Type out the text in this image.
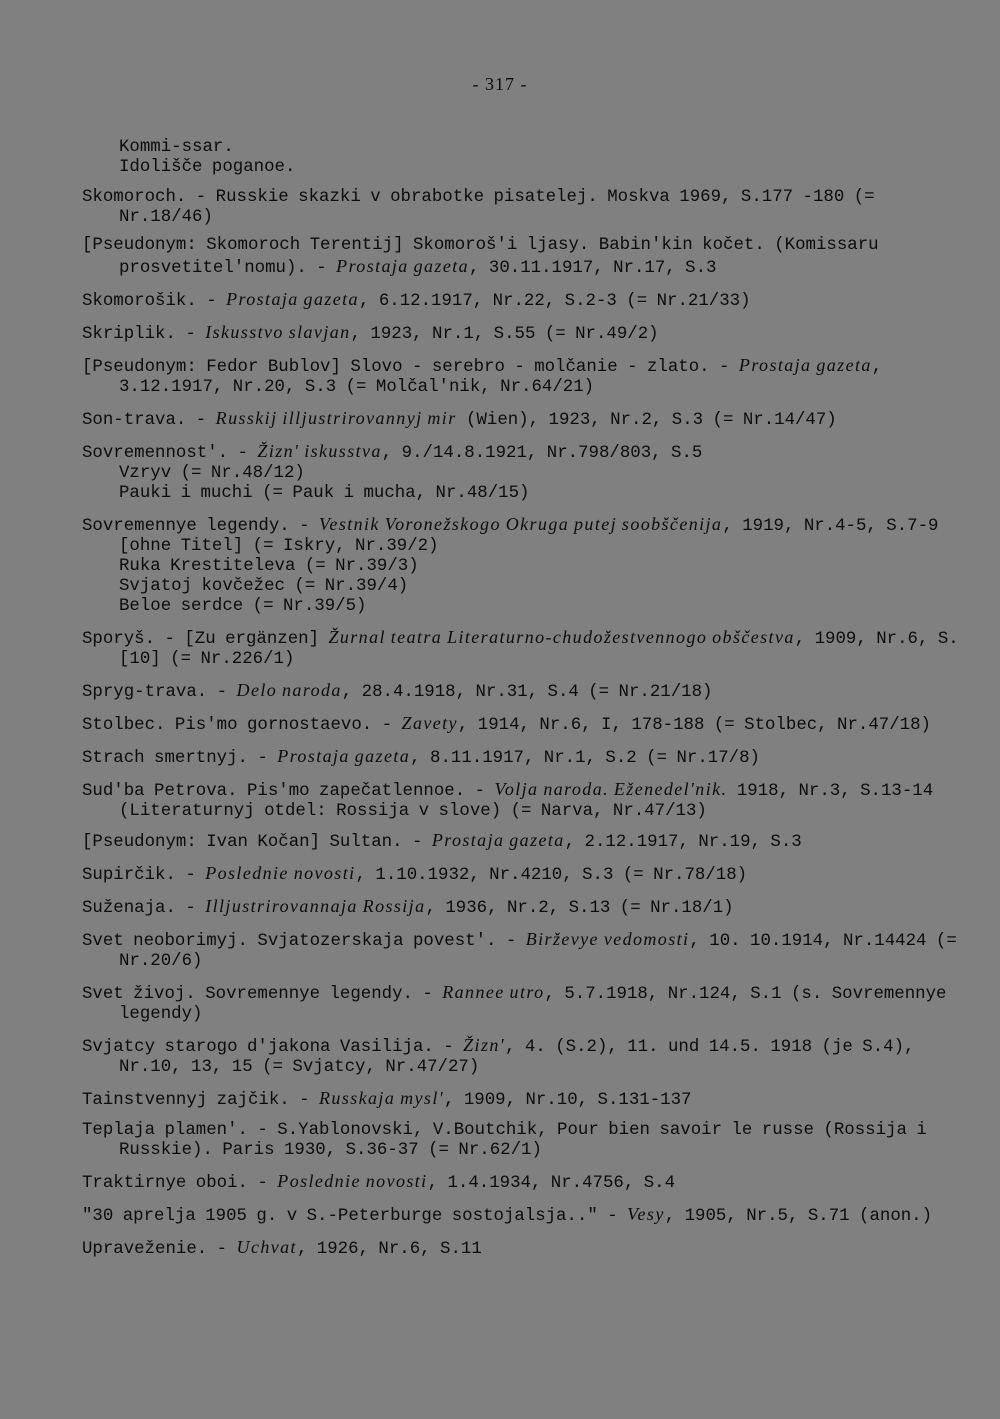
- 317 -
Kommi-ssar.
Idolišče poganoe.
Skomoroch. - Russkie skazki v obrabotke pisatelej. Moskva 1969, S.177 -180 (= Nr.18/46)
[Pseudonym: Skomoroch Terentij] Skomoroš'i ljasy. Babin'kin kočet. (Komissaru prosvetitel'nomu). - Prostaja gazeta, 30.11.1917, Nr.17, S.3
Skomorošik. - Prostaja gazeta, 6.12.1917, Nr.22, S.2-3 (= Nr.21/33)
Skriplik. - Iskusstvo slavjan, 1923, Nr.1, S.55 (= Nr.49/2)
[Pseudonym: Fedor Bublov] Slovo - serebro - molčanie - zlato. - Prostaja gazeta, 3.12.1917, Nr.20, S.3 (= Molčal'nik, Nr.64/21)
Son-trava. - Russkij illjustrirovannyj mir (Wien), 1923, Nr.2, S.3 (= Nr.14/47)
Sovremennost'. - Žizn' iskusstva, 9./14.8.1921, Nr.798/803, S.5
Vzryv (= Nr.48/12)
Pauki i muchi (= Pauk i mucha, Nr.48/15)
Sovremennye legendy. - Vestnik Voronežskogo Okruga putej soobščenija, 1919, Nr.4-5, S.7-9
[ohne Titel] (= Iskry, Nr.39/2)
Ruka Krestiteleva (= Nr.39/3)
Svjatoj kovčežec (= Nr.39/4)
Beloe serdce (= Nr.39/5)
Sporyš. - [Zu ergänzen] Žurnal teatra Literaturno-chudožestvennogo obščestva, 1909, Nr.6, S.[10] (= Nr.226/1)
Spryg-trava. - Delo naroda, 28.4.1918, Nr.31, S.4 (= Nr.21/18)
Stolbec. Pis'mo gornostaevo. - Zavety, 1914, Nr.6, I, 178-188 (= Stolbec, Nr.47/18)
Strach smertnyj. - Prostaja gazeta, 8.11.1917, Nr.1, S.2 (= Nr.17/8)
Sud'ba Petrova. Pis'mo zapečatlennoe. - Volja naroda. Eženedel'nik. 1918, Nr.3, S.13-14 (Literaturnyj otdel: Rossija v slove) (= Narva, Nr.47/13)
[Pseudonym: Ivan Kočan] Sultan. - Prostaja gazeta, 2.12.1917, Nr.19, S.3
Supirčik. - Poslednie novosti, 1.10.1932, Nr.4210, S.3 (= Nr.78/18)
Suženaja. - Illjustrirovannaja Rossija, 1936, Nr.2, S.13 (= Nr.18/1)
Svet neoborimyj. Svjatozerskaja povest'. - Birževye vedomosti, 10. 10.1914, Nr.14424 (= Nr.20/6)
Svet živoj. Sovremennye legendy. - Rannee utro, 5.7.1918, Nr.124, S.1 (s. Sovremennye legendy)
Svjatcy starogo d'jakona Vasilija. - Žizn', 4. (S.2), 11. und 14.5. 1918 (je S.4), Nr.10, 13, 15 (= Svjatcy, Nr.47/27)
Tainstvennyj zajčik. - Russkaja mysl', 1909, Nr.10, S.131-137
Teplaja plamen'. - S.Yablonovski, V.Boutchik, Pour bien savoir le russe (Rossija i Russkie). Paris 1930, S.36-37 (= Nr.62/1)
Traktirnye oboi. - Poslednie novosti, 1.4.1934, Nr.4756, S.4
"30 aprelja 1905 g. v S.-Peterburge sostojalsja.." - Vesy, 1905, Nr.5, S.71 (anon.)
Upraveženie. - Uchvat, 1926, Nr.6, S.11
